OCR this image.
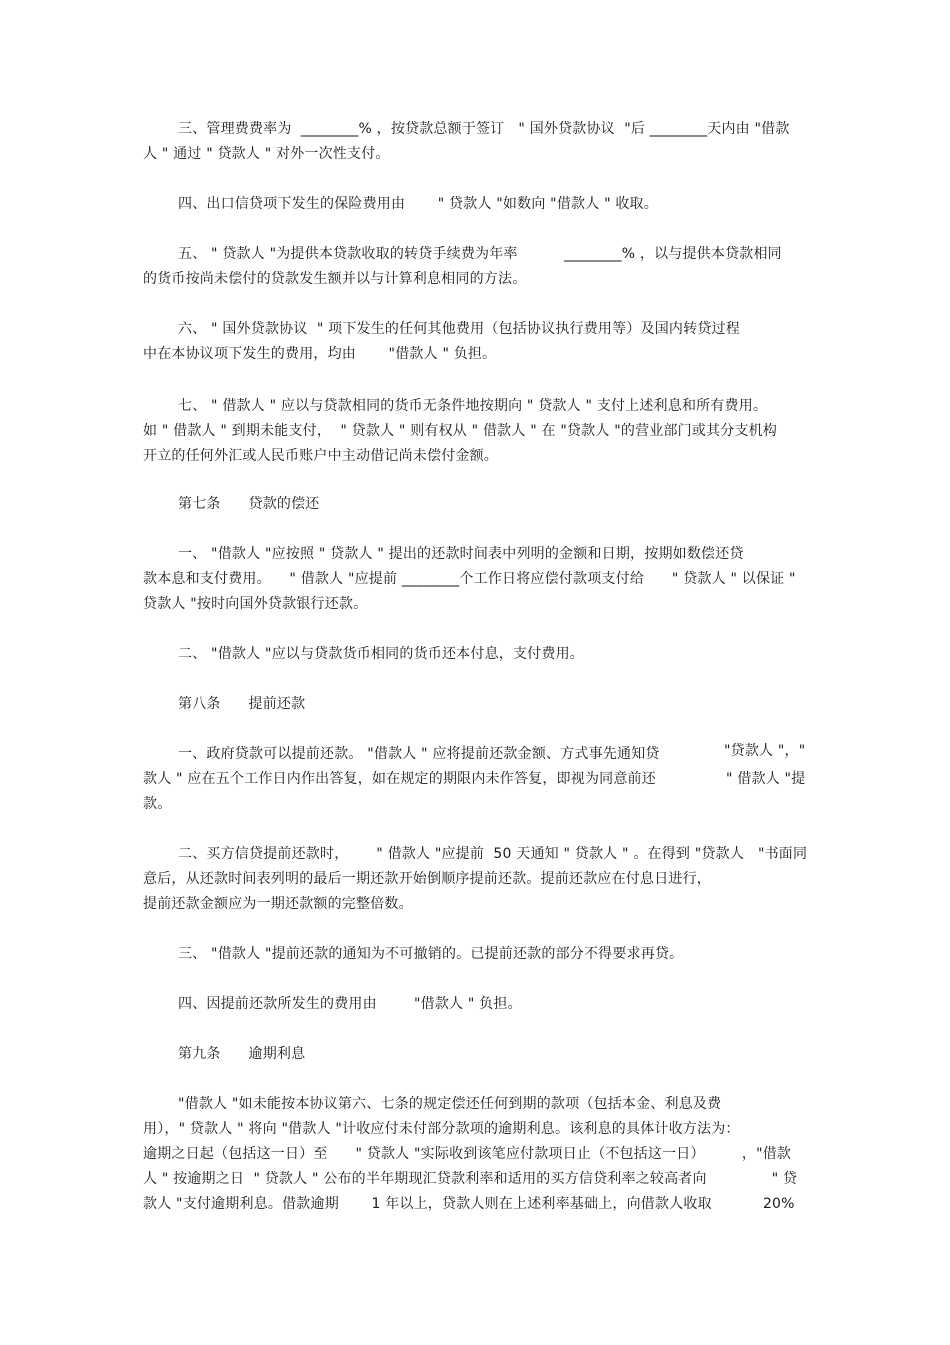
三、管理费费率为  ________% ，按贷款总额于签订   " 国外贷款协议  "后 ________天内由 "借款
人 " 通过 " 贷款人 " 对外一次性支付。
四、出口信贷项下发生的保险费用由       " 贷款人 "如数向 "借款人 " 收取。
五、 " 贷款人 "为提供本贷款收取的转贷手续费为年率          ________% ，以与提供本贷款相同
的货币按尚未偿付的贷款发生额并以与计算利息相同的方法。
六、 " 国外贷款协议  " 项下发生的任何其他费用（包括协议执行费用等）及国内转贷过程
中在本协议项下发生的费用，均由       "借款人 " 负担。
七、 " 借款人 " 应以与贷款相同的货币无条件地按期向 " 贷款人 " 支付上述利息和所有费用。
如 " 借款人 " 到期未能支付，  " 贷款人 " 则有权从 " 借款人 " 在 "贷款人 "的营业部门或其分支机构
开立的任何外汇或人民币账户中主动借记尚未偿付金额。
第七条      贷款的偿还
一、 "借款人 "应按照 " 贷款人 " 提出的还款时间表中列明的金额和日期，按期如数偿还贷
款本息和支付费用。    " 借款人 "应提前 ________个工作日将应偿付款项支付给      " 贷款人 " 以保证 "
贷款人 "按时向国外贷款银行还款。
二、 "借款人 "应以与贷款货币相同的货币还本付息，支付费用。
第八条      提前还款
一、政府贷款可以提前还款。 "借款人 " 应将提前还款金额、方式事先通知贷	"贷款人 "，"
款人 " 应在五个工作日内作出答复，如在规定的期限内未作答复，即视为同意前还	" 借款人 "提
款。
二、买方信贷提前还款时，      " 借款人 "应提前  50 天通知 " 贷款人 " 。在得到 "贷款人   "书面同
意后，从还款时间表列明的最后一期还款开始倒顺序提前还款。提前还款应在付息日进行，
提前还款金额应为一期还款额的完整倍数。
三、 "借款人 "提前还款的通知为不可撤销的。已提前还款的部分不得要求再贷。
四、因提前还款所发生的费用由        "借款人 " 负担。
第九条      逾期利息
"借款人 "如未能按本协议第六、七条的规定偿还任何到期的款项（包括本金、利息及费
用），" 贷款人 " 将向 "借款人 "计收应付未付部分款项的逾期利息。该利息的具体计收方法为：
逾期之日起（包括这一日）至      " 贷款人 "实际收到该笔应付款项日止（不包括这一日）        ，"借款
人 " 按逾期之日  " 贷款人 " 公布的半年期现汇贷款利率和适用的买方信贷利率之较高者向              " 贷
款人 "支付逾期利息。借款逾期       1 年以上，贷款人则在上述利率基础上，向借款人收取           20%
